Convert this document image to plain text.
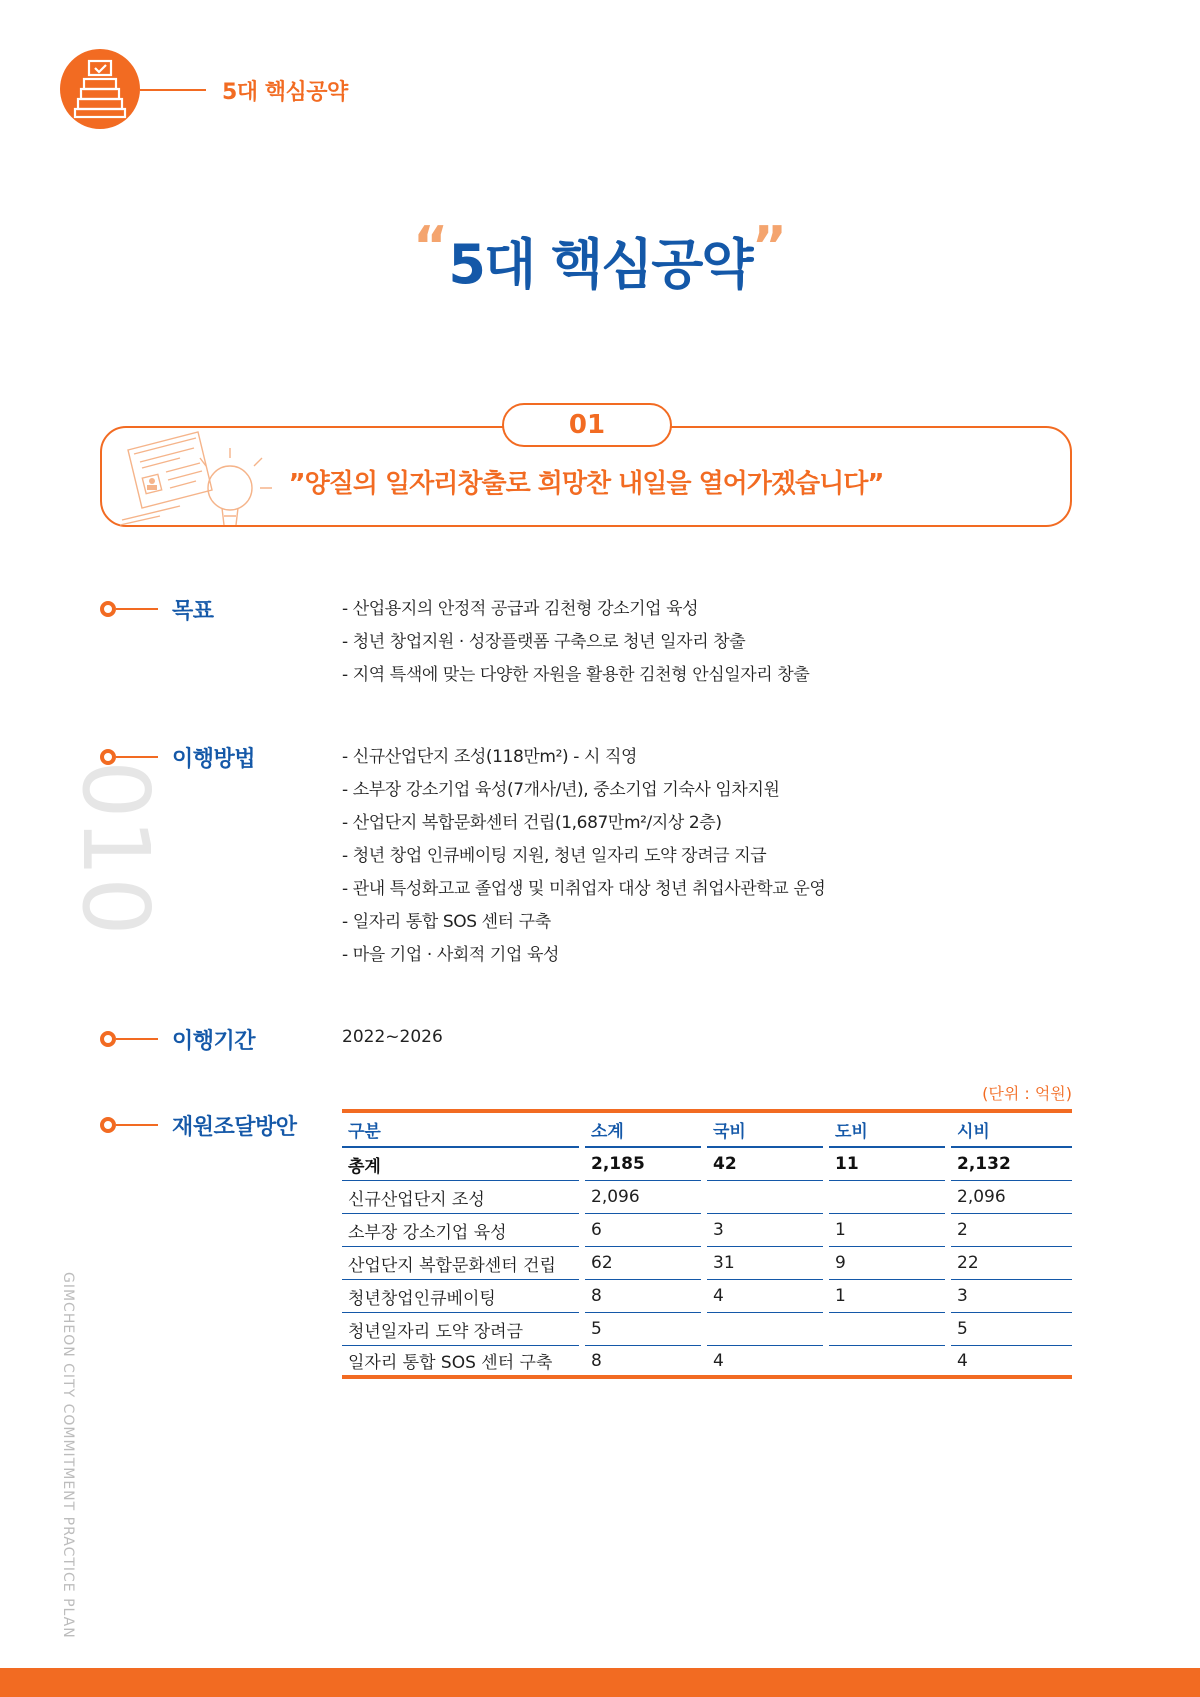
5대 핵심공약
“5대 핵심공약”
01
”양질의 일자리창출로 희망찬 내일을 열어가겠습니다”
목표	- 산업용지의 안정적 공급과 김천형 강소기업 육성
- 청년 창업지원 · 성장플랫폼 구축으로 청년 일자리 창출
- 지역 특색에 맞는 다양한 자원을 활용한 김천형 안심일자리 창출
이행방법	- 신규산업단지 조성(118만m²) - 시 직영
- 소부장 강소기업 육성(7개사/년), 중소기업 기숙사 임차지원
- 산업단지 복합문화센터 건립(1,687만m²/지상 2층)
- 청년 창업 인큐베이팅 지원, 청년 일자리 도약 장려금 지급
- 관내 특성화고교 졸업생 및 미취업자 대상 청년 취업사관학교 운영
- 일자리 통합 SOS 센터 구축
- 마을 기업 · 사회적 기업 육성
이행기간	2022~2026
재원조달방안
(단위 : 억원)
구분		소계		국비		도비		시비
총계		2,185		42		11		2,132
신규산업단지 조성		2,096						2,096
소부장 강소기업 육성		6		3		1		2
산업단지 복합문화센터 건립		62		31		9		22
청년창업인큐베이팅		8		4		1		3
청년일자리 도약 장려금		5						5
일자리 통합 SOS 센터 구축		8		4				4
010
GIMCHEON CITY COMMITMENT PRACTICE PLAN
